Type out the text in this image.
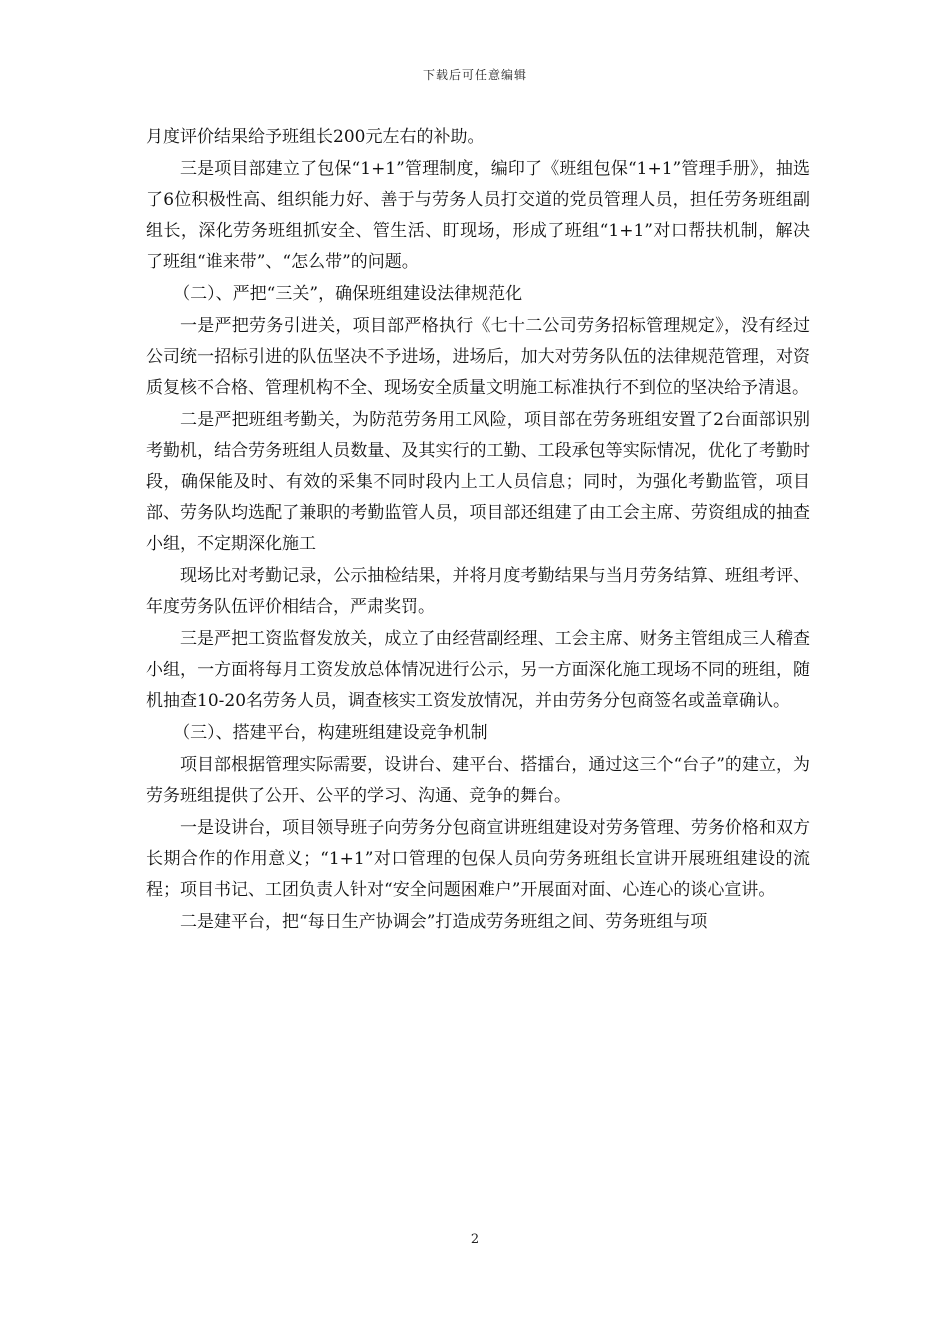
下载后可任意编辑

月度评价结果给予班组长200元左右的补助。

三是项目部建立了包保“1+1”管理制度，编印了《班组包保“1+1”管理手册》，抽选了6位积极性高、组织能力好、善于与劳务人员打交道的党员管理人员，担任劳务班组副组长，深化劳务班组抓安全、管生活、盯现场，形成了班组“1+1”对口帮扶机制，解决了班组“谁来带”、“怎么带”的问题。

（二）、严把“三关”，确保班组建设法律规范化

一是严把劳务引进关，项目部严格执行《七十二公司劳务招标管理规定》，没有经过公司统一招标引进的队伍坚决不予进场，进场后，加大对劳务队伍的法律规范管理，对资质复核不合格、管理机构不全、现场安全质量文明施工标准执行不到位的坚决给予清退。

二是严把班组考勤关，为防范劳务用工风险，项目部在劳务班组安置了2台面部识别考勤机，结合劳务班组人员数量、及其实行的工勤、工段承包等实际情况，优化了考勤时段，确保能及时、有效的采集不同时段内上工人员信息；同时，为强化考勤监管，项目部、劳务队均选配了兼职的考勤监管人员，项目部还组建了由工会主席、劳资组成的抽查小组，不定期深化施工

现场比对考勤记录，公示抽检结果，并将月度考勤结果与当月劳务结算、班组考评、年度劳务队伍评价相结合，严肃奖罚。

三是严把工资监督发放关，成立了由经营副经理、工会主席、财务主管组成三人稽查小组，一方面将每月工资发放总体情况进行公示，另一方面深化施工现场不同的班组，随机抽查10-20名劳务人员，调查核实工资发放情况，并由劳务分包商签名或盖章确认。

（三）、搭建平台，构建班组建设竞争机制

项目部根据管理实际需要，设讲台、建平台、搭擂台，通过这三个“台子”的建立，为劳务班组提供了公开、公平的学习、沟通、竞争的舞台。

一是设讲台，项目领导班子向劳务分包商宣讲班组建设对劳务管理、劳务价格和双方长期合作的作用意义；“1+1”对口管理的包保人员向劳务班组长宣讲开展班组建设的流程；项目书记、工团负责人针对“安全问题困难户”开展面对面、心连心的谈心宣讲。

二是建平台，把“每日生产协调会”打造成劳务班组之间、劳务班组与项

2
